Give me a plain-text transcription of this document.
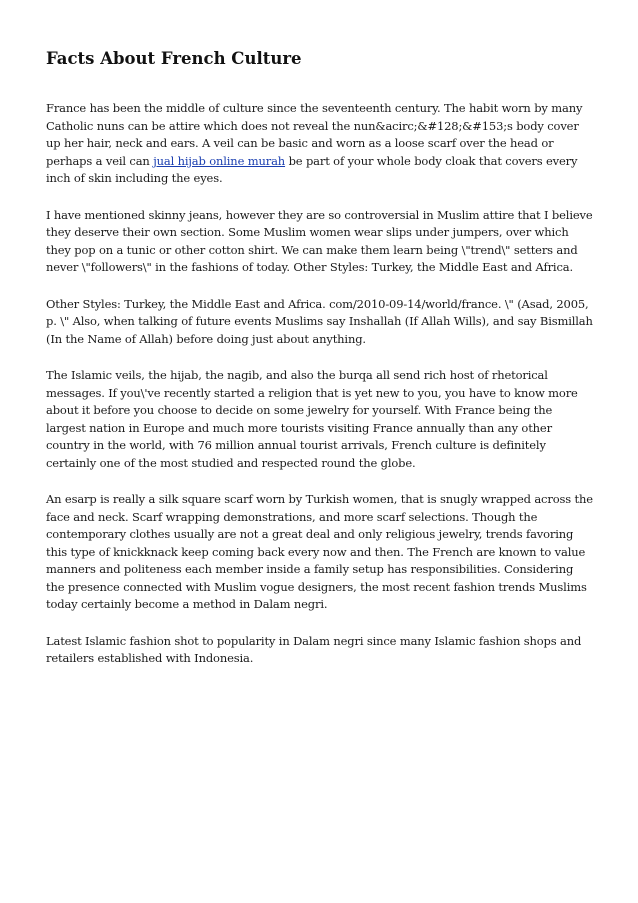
Facts About French Culture

France has been the middle of culture since the seventeenth century. The habit worn by many Catholic nuns can be attire which does not reveal the nun&acirc;&#128;&#153;s body cover up her hair, neck and ears. A veil can be basic and worn as a loose scarf over the head or perhaps a veil can jual hijab online murah be part of your whole body cloak that covers every inch of skin including the eyes.

I have mentioned skinny jeans, however they are so controversial in Muslim attire that I believe they deserve their own section. Some Muslim women wear slips under jumpers, over which they pop on a tunic or other cotton shirt. We can make them learn being \"trend\" setters and never \"followers\" in the fashions of today. Other Styles: Turkey, the Middle East and Africa.

Other Styles: Turkey, the Middle East and Africa. com/2010-09-14/world/france. \" (Asad, 2005, p. \" Also, when talking of future events Muslims say Inshallah (If Allah Wills), and say Bismillah (In the Name of Allah) before doing just about anything.

The Islamic veils, the hijab, the nagib, and also the burqa all send rich host of rhetorical messages. If you\'ve recently started a religion that is yet new to you, you have to know more about it before you choose to decide on some jewelry for yourself. With France being the largest nation in Europe and much more tourists visiting France annually than any other country in the world, with 76 million annual tourist arrivals, French culture is definitely certainly one of the most studied and respected round the globe.

An esarp is really a silk square scarf worn by Turkish women, that is snugly wrapped across the face and neck. Scarf wrapping demonstrations, and more scarf selections. Though the contemporary clothes usually are not a great deal and only religious jewelry, trends favoring this type of knickknack keep coming back every now and then. The French are known to value manners and politeness each member inside a family setup has responsibilities. Considering the presence connected with Muslim vogue designers, the most recent fashion trends Muslims today certainly become a method in Dalam negri.

Latest Islamic fashion shot to popularity in Dalam negri since many Islamic fashion shops and retailers established with Indonesia.
